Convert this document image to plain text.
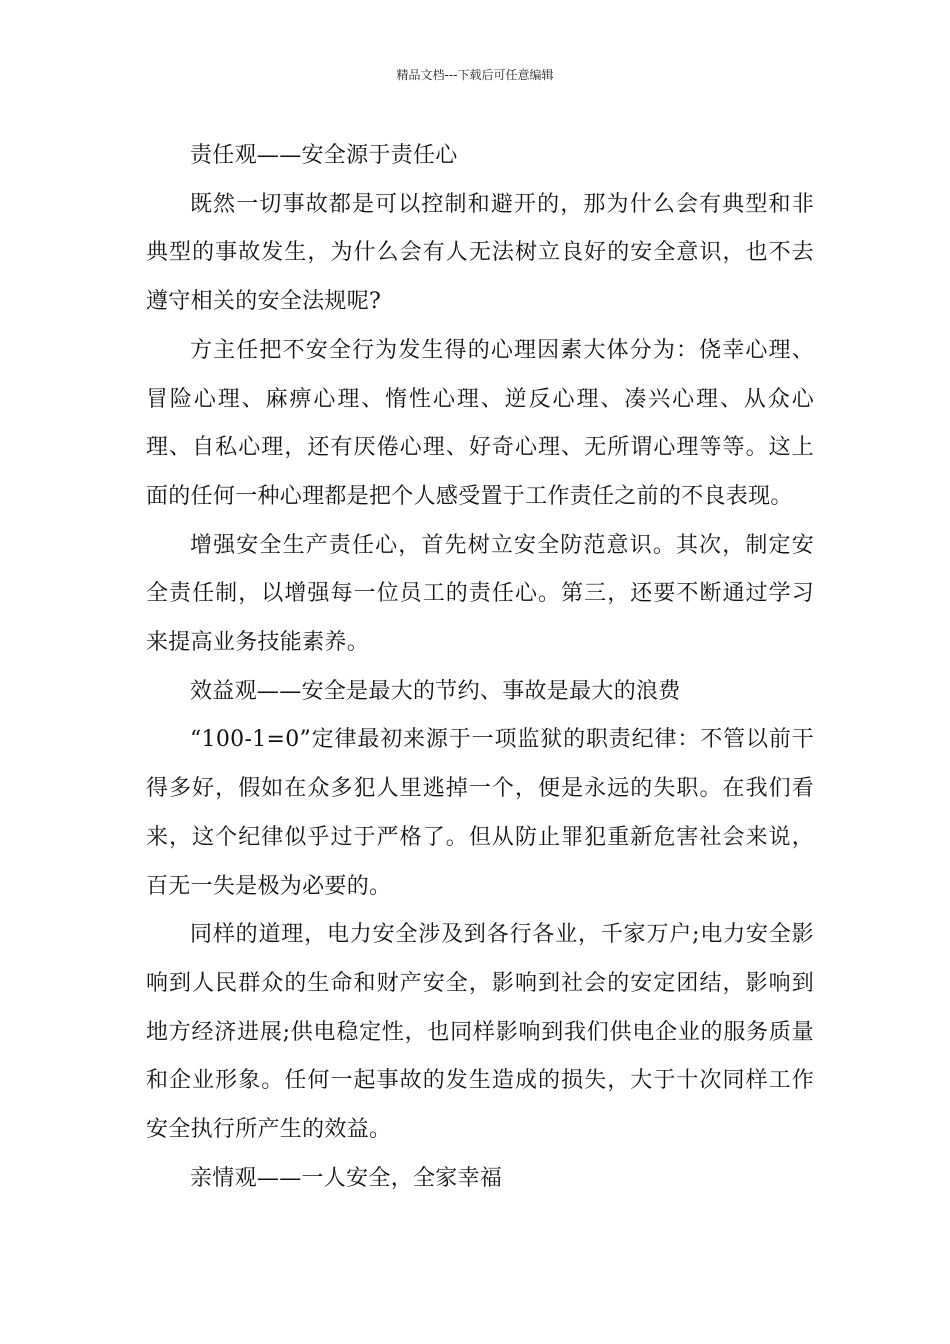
精品文档---下载后可任意编辑

责任观——安全源于责任心

既然一切事故都是可以控制和避开的，那为什么会有典型和非典型的事故发生，为什么会有人无法树立良好的安全意识，也不去遵守相关的安全法规呢?

方主任把不安全行为发生得的心理因素大体分为：侥幸心理、冒险心理、麻痹心理、惰性心理、逆反心理、凑兴心理、从众心理、自私心理，还有厌倦心理、好奇心理、无所谓心理等等。这上面的任何一种心理都是把个人感受置于工作责任之前的不良表现。

增强安全生产责任心，首先树立安全防范意识。其次，制定安全责任制，以增强每一位员工的责任心。第三，还要不断通过学习来提高业务技能素养。

效益观——安全是最大的节约、事故是最大的浪费

“100-1=0”定律最初来源于一项监狱的职责纪律：不管以前干得多好，假如在众多犯人里逃掉一个，便是永远的失职。在我们看来，这个纪律似乎过于严格了。但从防止罪犯重新危害社会来说，百无一失是极为必要的。

同样的道理，电力安全涉及到各行各业，千家万户;电力安全影响到人民群众的生命和财产安全，影响到社会的安定团结，影响到地方经济进展;供电稳定性，也同样影响到我们供电企业的服务质量和企业形象。任何一起事故的发生造成的损失，大于十次同样工作安全执行所产生的效益。

亲情观——一人安全，全家幸福
